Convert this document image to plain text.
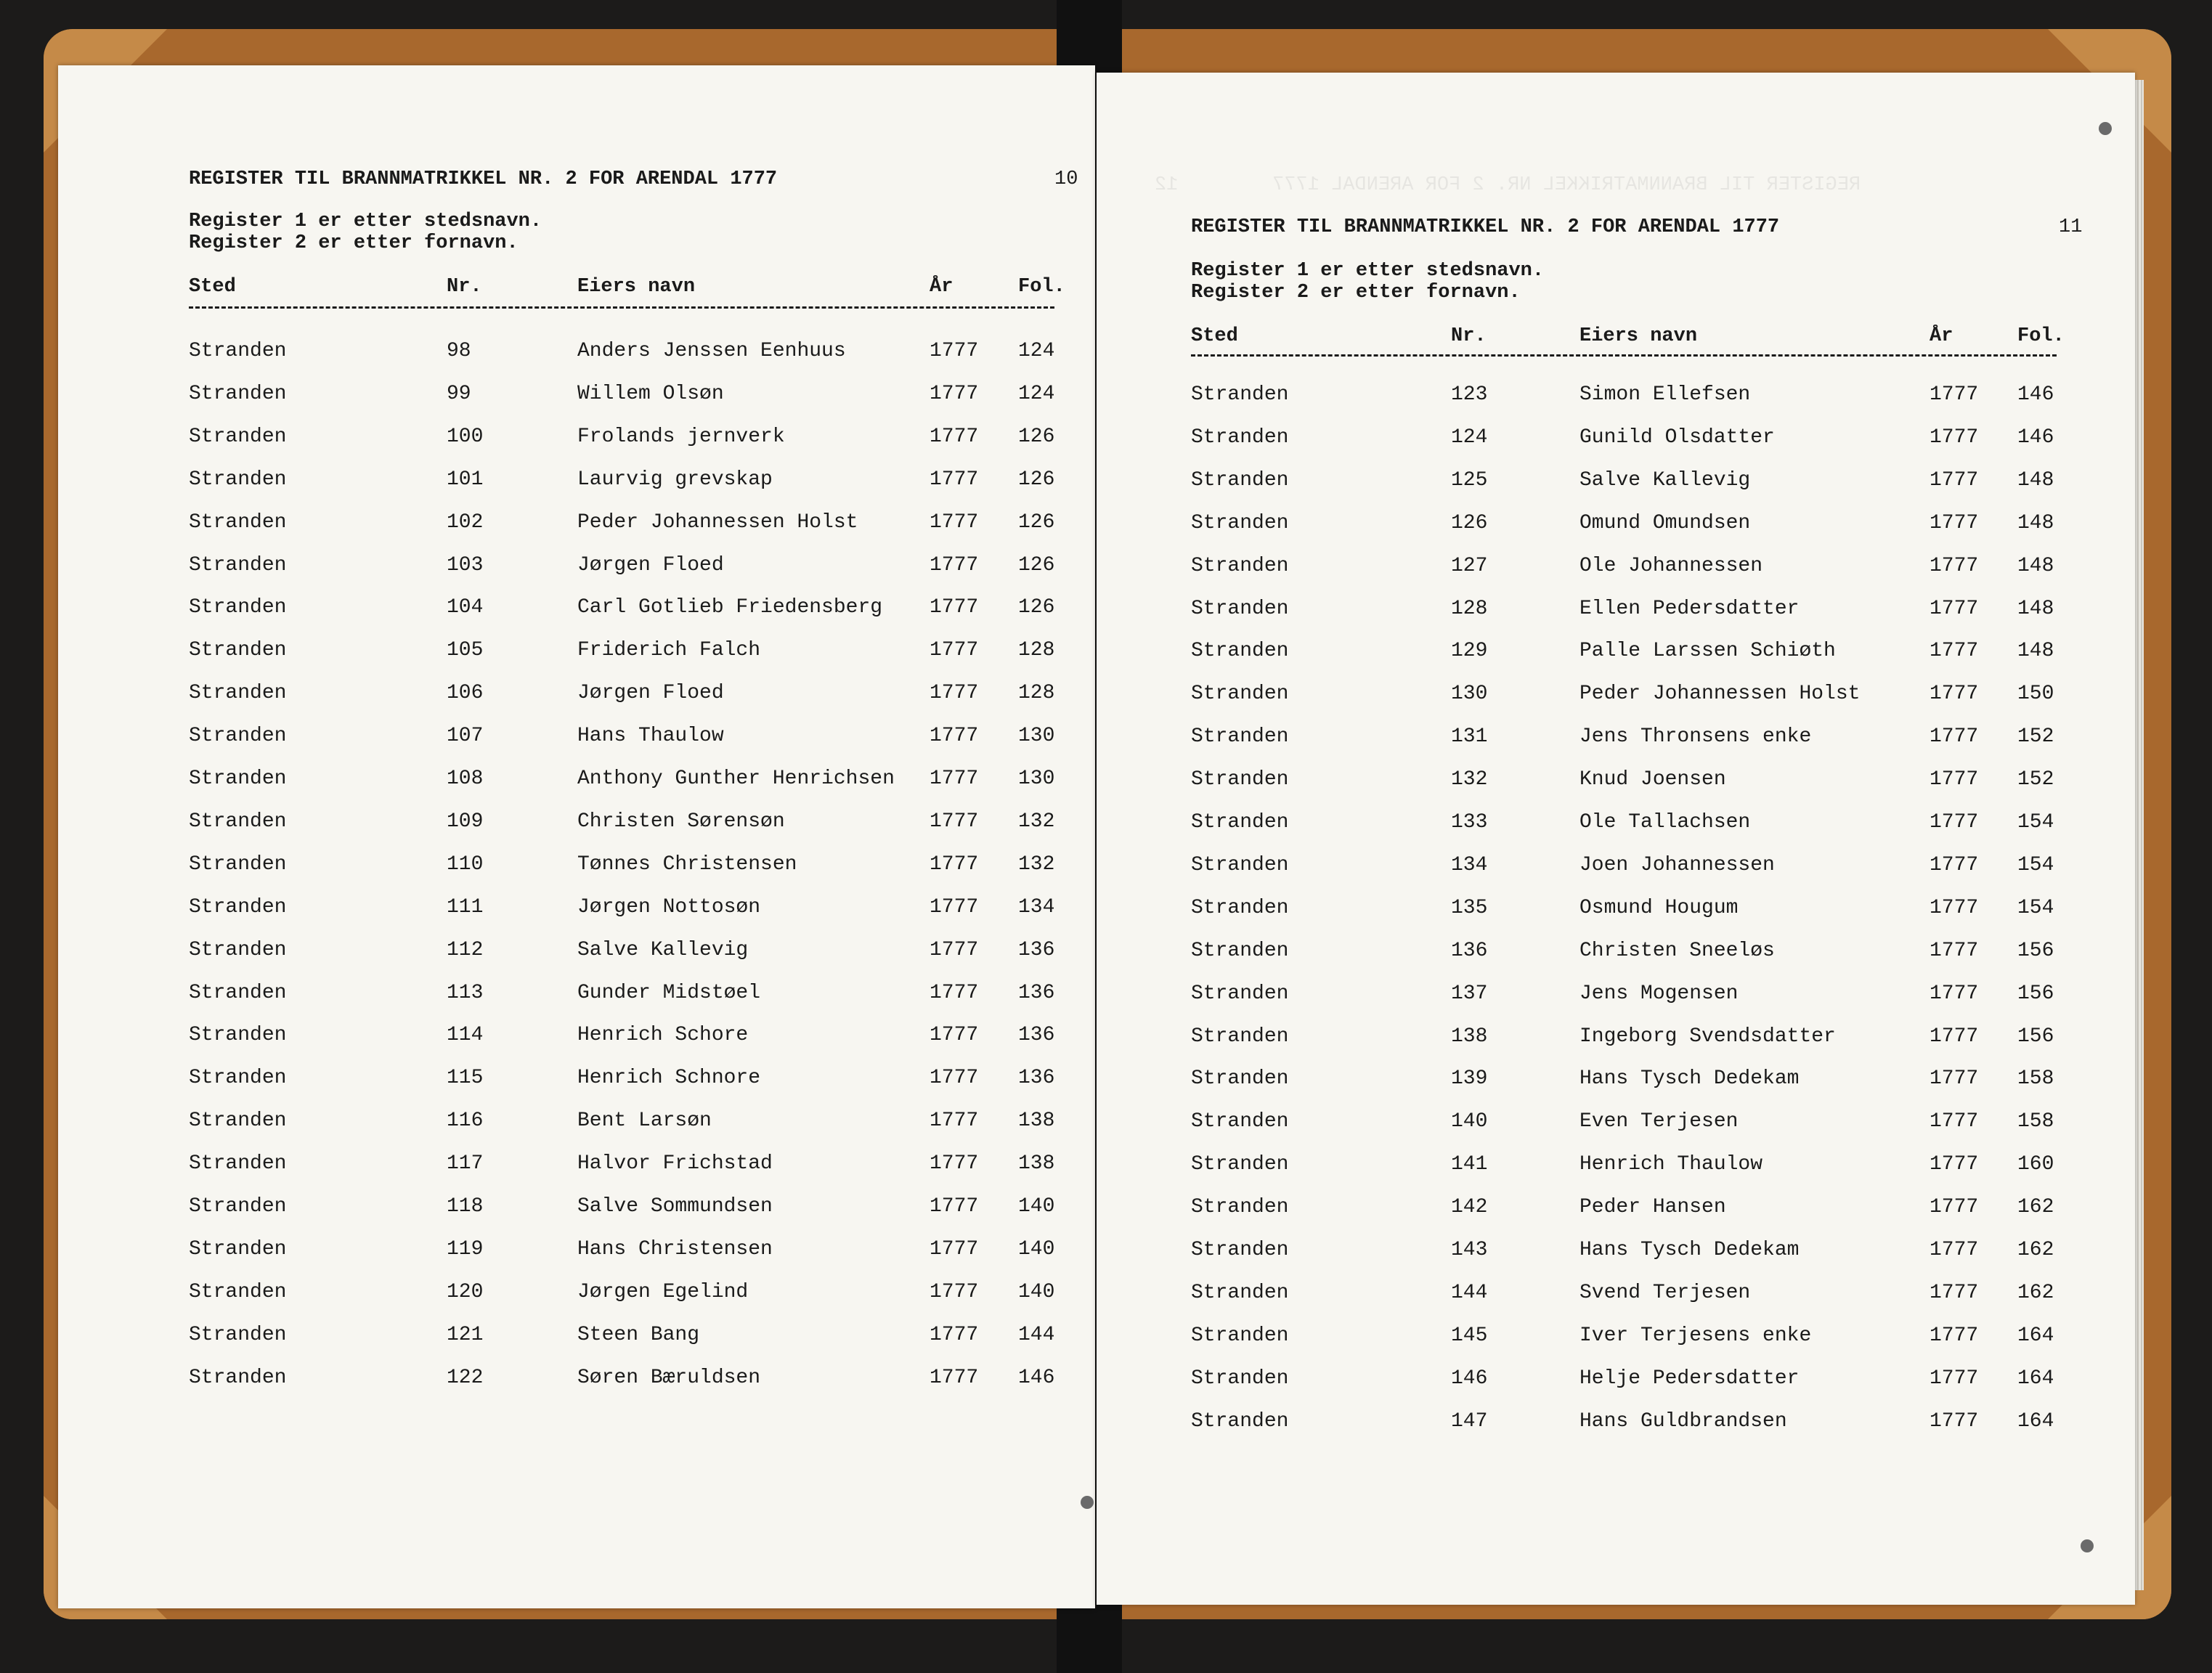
REGISTER TIL BRANNMATRIKKEL NR. 2 FOR ARENDAL 1777	10
Register 1 er etter stedsnavn.
Register 2 er etter fornavn.
Sted	Nr.	Eiers navn	År	Fol.
Stranden	98	Anders Jenssen Eenhuus	1777 124
Stranden	99	Willem Olsøn	1777 124
Stranden	100	Frolands jernverk	1777 126
Stranden	101	Laurvig grevskap	1777 126
Stranden	102	Peder Johannessen Holst	1777 126
Stranden	103	Jørgen Floed	1777 126
Stranden	104	Carl Gotlieb Friedensberg 1777 126
Stranden	105	Friderich Falch	1777 128
Stranden	106	Jørgen Floed	1777 128
Stranden	107	Hans Thaulow	1777 130
Stranden	108	Anthony Gunther Henrichsen 1777 130
Stranden	109	Christen Sørensøn	1777 132
Stranden	110	Tønnes Christensen	1777 132
Stranden	111	Jørgen Nottosøn	1777 134
Stranden	112	Salve Kallevig	1777 136
Stranden	113	Gunder Midstøel	1777 136
Stranden	114	Henrich Schore	1777 136
Stranden	115	Henrich Schnore	1777 136
Stranden	116	Bent Larsøn	1777 138
Stranden	117	Halvor Frichstad	1777 138
Stranden	118	Salve Sommundsen	1777 140
Stranden	119	Hans Christensen	1777 140
Stranden	120	Jørgen Egelind	1777 140
Stranden	121	Steen Bang	1777 144
Stranden	122	Søren Bæruldsen	1777 146
REGISTER TIL BRANNMATRIKKEL NR. 2 FOR ARENDAL 1777        12
REGISTER TIL BRANNMATRIKKEL NR. 2 FOR ARENDAL 1777	11
Register 1 er etter stedsnavn.
Register 2 er etter fornavn.
Sted	Nr.	Eiers navn	År	Fol.
Stranden	123	Simon Ellefsen	1777 146
Stranden	124	Gunild Olsdatter	1777 146
Stranden	125	Salve Kallevig	1777 148
Stranden	126	Omund Omundsen	1777 148
Stranden	127	Ole Johannessen	1777 148
Stranden	128	Ellen Pedersdatter	1777 148
Stranden	129	Palle Larssen Schiøth	1777 148
Stranden	130	Peder Johannessen Holst	1777 150
Stranden	131	Jens Thronsens enke	1777 152
Stranden	132	Knud Joensen	1777 152
Stranden	133	Ole Tallachsen	1777 154
Stranden	134	Joen Johannessen	1777 154
Stranden	135	Osmund Hougum	1777 154
Stranden	136	Christen Sneeløs	1777 156
Stranden	137	Jens Mogensen	1777 156
Stranden	138	Ingeborg Svendsdatter	1777 156
Stranden	139	Hans Tysch Dedekam	1777 158
Stranden	140	Even Terjesen	1777 158
Stranden	141	Henrich Thaulow	1777 160
Stranden	142	Peder Hansen	1777 162
Stranden	143	Hans Tysch Dedekam	1777 162
Stranden	144	Svend Terjesen	1777 162
Stranden	145	Iver Terjesens enke	1777 164
Stranden	146	Helje Pedersdatter	1777 164
Stranden	147	Hans Guldbrandsen	1777 164
